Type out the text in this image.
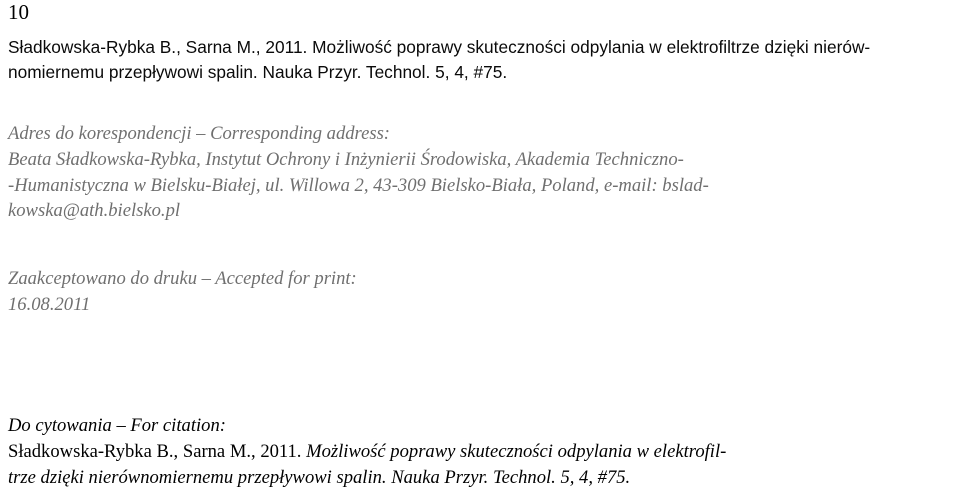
10
Sładkowska-Rybka B., Sarna M., 2011. Możliwość poprawy skuteczności odpylania w elektrofiltrze dzięki nierów-
nomiernemu przepływowi spalin. Nauka Przyr. Technol. 5, 4, #75.
Adres do korespondencji – Corresponding address:
Beata Sładkowska-Rybka, Instytut Ochrony i Inżynierii Środowiska, Akademia Techniczno-
-Humanistyczna w Bielsku-Białej, ul. Willowa 2, 43-309 Bielsko-Biała, Poland, e-mail: bslad-
kowska@ath.bielsko.pl
Zaakceptowano do druku – Accepted for print:
16.08.2011
Do cytowania – For citation:
Sładkowska-Rybka B., Sarna M., 2011. Możliwość poprawy skuteczności odpylania w elektrofil-
trze dzięki nierównomiernemu przepływowi spalin. Nauka Przyr. Technol. 5, 4, #75.
